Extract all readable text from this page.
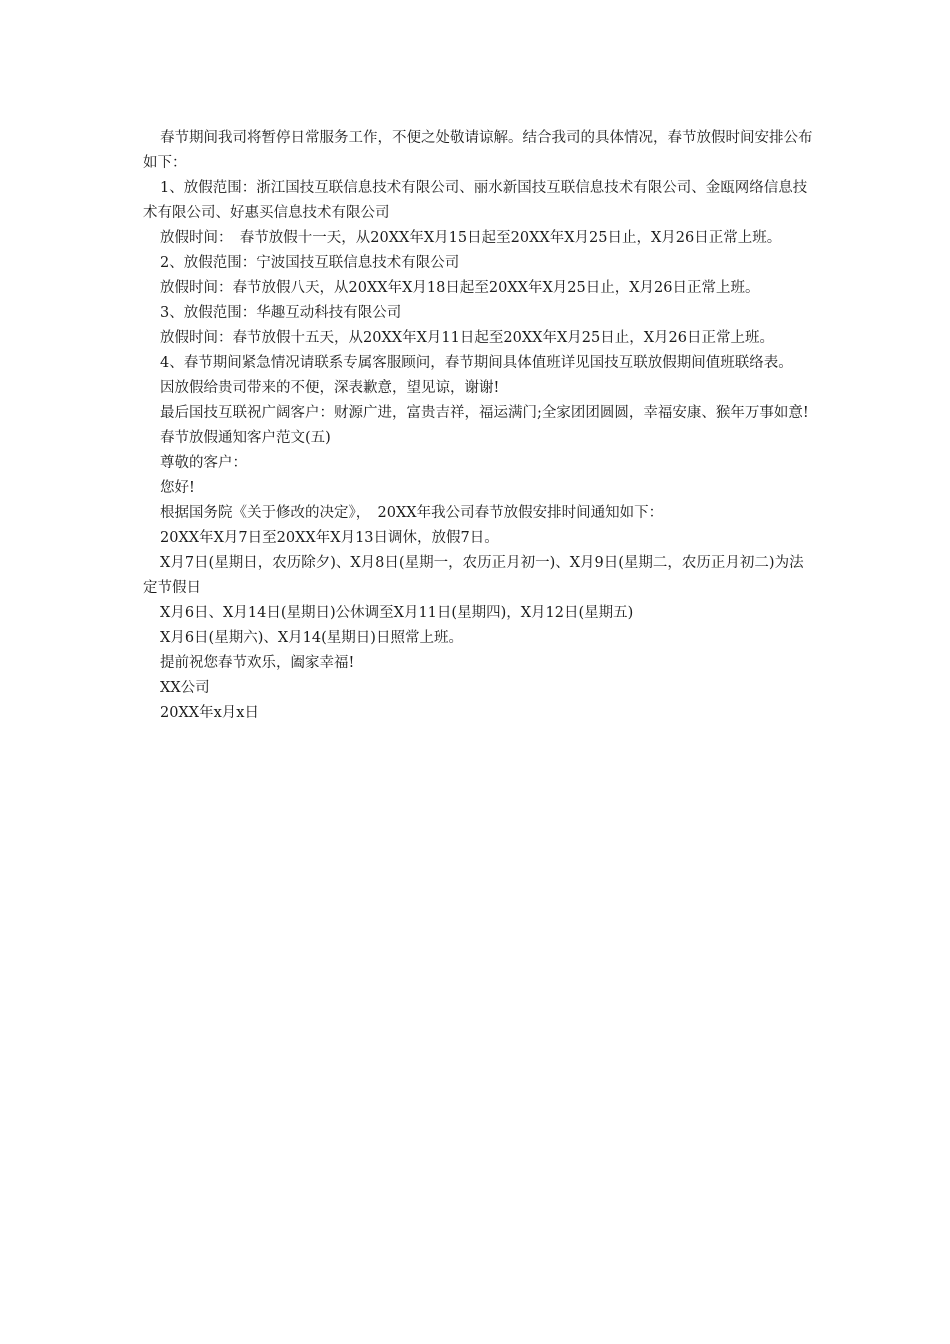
春节期间我司将暂停日常服务工作，不便之处敬请谅解。结合我司的具体情况，春节放假时间安排公布如下：

1、放假范围：浙江国技互联信息技术有限公司、丽水新国技互联信息技术有限公司、金瓯网络信息技术有限公司、好惠买信息技术有限公司

放假时间：　春节放假十一天，从20XX年X月15日起至20XX年X月25日止，X月26日正常上班。

2、放假范围：宁波国技互联信息技术有限公司

放假时间：春节放假八天，从20XX年X月18日起至20XX年X月25日止，X月26日正常上班。

3、放假范围：华趣互动科技有限公司

放假时间：春节放假十五天，从20XX年X月11日起至20XX年X月25日止，X月26日正常上班。

4、春节期间紧急情况请联系专属客服顾问，春节期间具体值班详见国技互联放假期间值班联络表。

因放假给贵司带来的不便，深表歉意，望见谅，谢谢!

最后国技互联祝广阔客户：财源广进，富贵吉祥，福运满门;全家团团圆圆，幸福安康、猴年万事如意!

春节放假通知客户范文(五)

尊敬的客户：

您好!

根据国务院《关于修改的决定》，　20XX年我公司春节放假安排时间通知如下：

20XX年X月7日至20XX年X月13日调休，放假7日。

X月7日(星期日，农历除夕)、X月8日(星期一，农历正月初一)、X月9日(星期二，农历正月初二)为法定节假日

X月6日、X月14日(星期日)公休调至X月11日(星期四)，X月12日(星期五)

X月6日(星期六)、X月14(星期日)日照常上班。

提前祝您春节欢乐，阖家幸福!

XX公司

20XX年x月x日
